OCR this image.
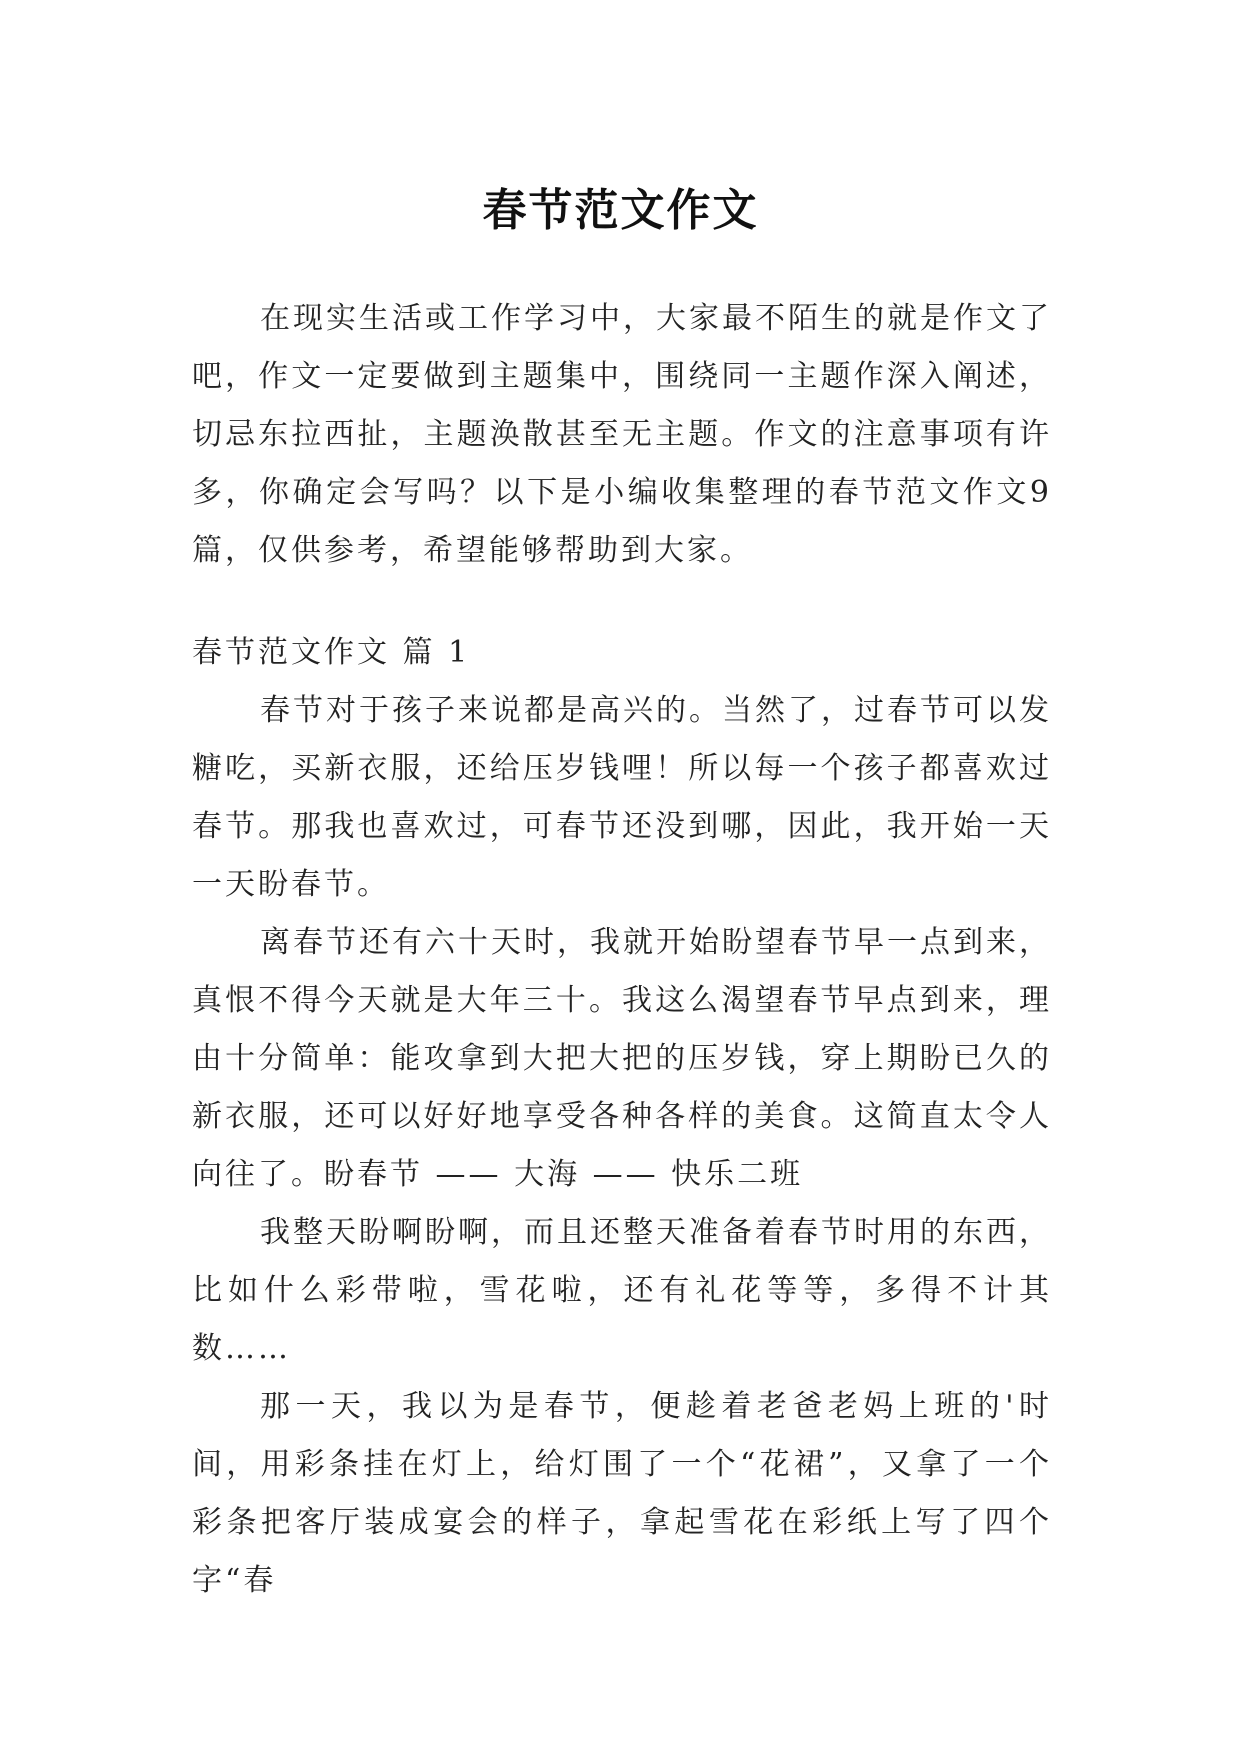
春节范文作文

在现实生活或工作学习中，大家最不陌生的就是作文了吧，作文一定要做到主题集中，围绕同一主题作深入阐述，切忌东拉西扯，主题涣散甚至无主题。作文的注意事项有许多，你确定会写吗？以下是小编收集整理的春节范文作文9篇，仅供参考，希望能够帮助到大家。

春节范文作文 篇 1

春节对于孩子来说都是高兴的。当然了，过春节可以发糖吃，买新衣服，还给压岁钱哩！所以每一个孩子都喜欢过春节。那我也喜欢过，可春节还没到哪，因此，我开始一天一天盼春节。

离春节还有六十天时，我就开始盼望春节早一点到来，真恨不得今天就是大年三十。我这么渴望春节早点到来，理由十分简单：能攻拿到大把大把的压岁钱，穿上期盼已久的新衣服，还可以好好地享受各种各样的美食。这简直太令人向往了。盼春节 —— 大海 —— 快乐二班

我整天盼啊盼啊，而且还整天准备着春节时用的东西，比如什么彩带啦，雪花啦，还有礼花等等，多得不计其数……

那一天，我以为是春节，便趁着老爸老妈上班的'时间，用彩条挂在灯上，给灯围了一个“花裙”，又拿了一个彩条把客厅装成宴会的样子，拿起雪花在彩纸上写了四个字“春
